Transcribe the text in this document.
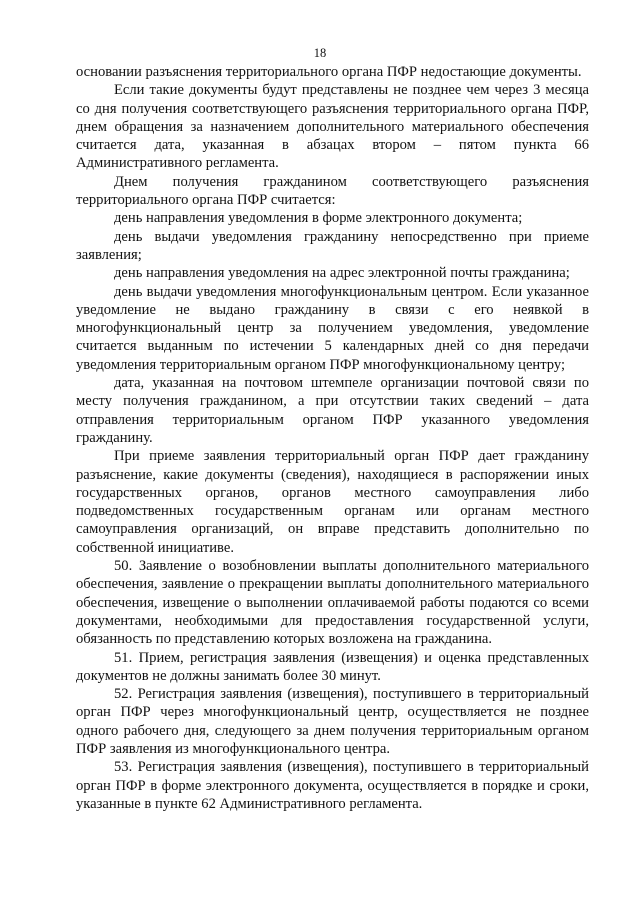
18

основании разъяснения территориального органа ПФР недостающие документы.

Если такие документы будут представлены не позднее чем через 3 месяца со дня получения соответствующего разъяснения территориального органа ПФР, днем обращения за назначением дополнительного материального обеспечения считается дата, указанная в абзацах втором – пятом пункта 66 Административного регламента.

Днем получения гражданином соответствующего разъяснения территориального органа ПФР считается:

день направления уведомления в форме электронного документа;

день выдачи уведомления гражданину непосредственно при приеме заявления;

день направления уведомления на адрес электронной почты гражданина;

день выдачи уведомления многофункциональным центром. Если указанное уведомление не выдано гражданину в связи с его неявкой в многофункциональный центр за получением уведомления, уведомление считается выданным по истечении 5 календарных дней со дня передачи уведомления территориальным органом ПФР многофункциональному центру;

дата, указанная на почтовом штемпеле организации почтовой связи по месту получения гражданином, а при отсутствии таких сведений – дата отправления территориальным органом ПФР указанного уведомления гражданину.

При приеме заявления территориальный орган ПФР дает гражданину разъяснение, какие документы (сведения), находящиеся в распоряжении иных государственных органов, органов местного самоуправления либо подведомственных государственным органам или органам местного самоуправления организаций, он вправе представить дополнительно по собственной инициативе.

50. Заявление о возобновлении выплаты дополнительного материального обеспечения, заявление о прекращении выплаты дополнительного материального обеспечения, извещение о выполнении оплачиваемой работы подаются со всеми документами, необходимыми для предоставления государственной услуги, обязанность по представлению которых возложена на гражданина.

51. Прием, регистрация заявления (извещения) и оценка представленных документов не должны занимать более 30 минут.

52. Регистрация заявления (извещения), поступившего в территориальный орган ПФР через многофункциональный центр, осуществляется не позднее одного рабочего дня, следующего за днем получения территориальным органом ПФР заявления из многофункционального центра.

53. Регистрация заявления (извещения), поступившего в территориальный орган ПФР в форме электронного документа, осуществляется в порядке и сроки, указанные в пункте 62 Административного регламента.
